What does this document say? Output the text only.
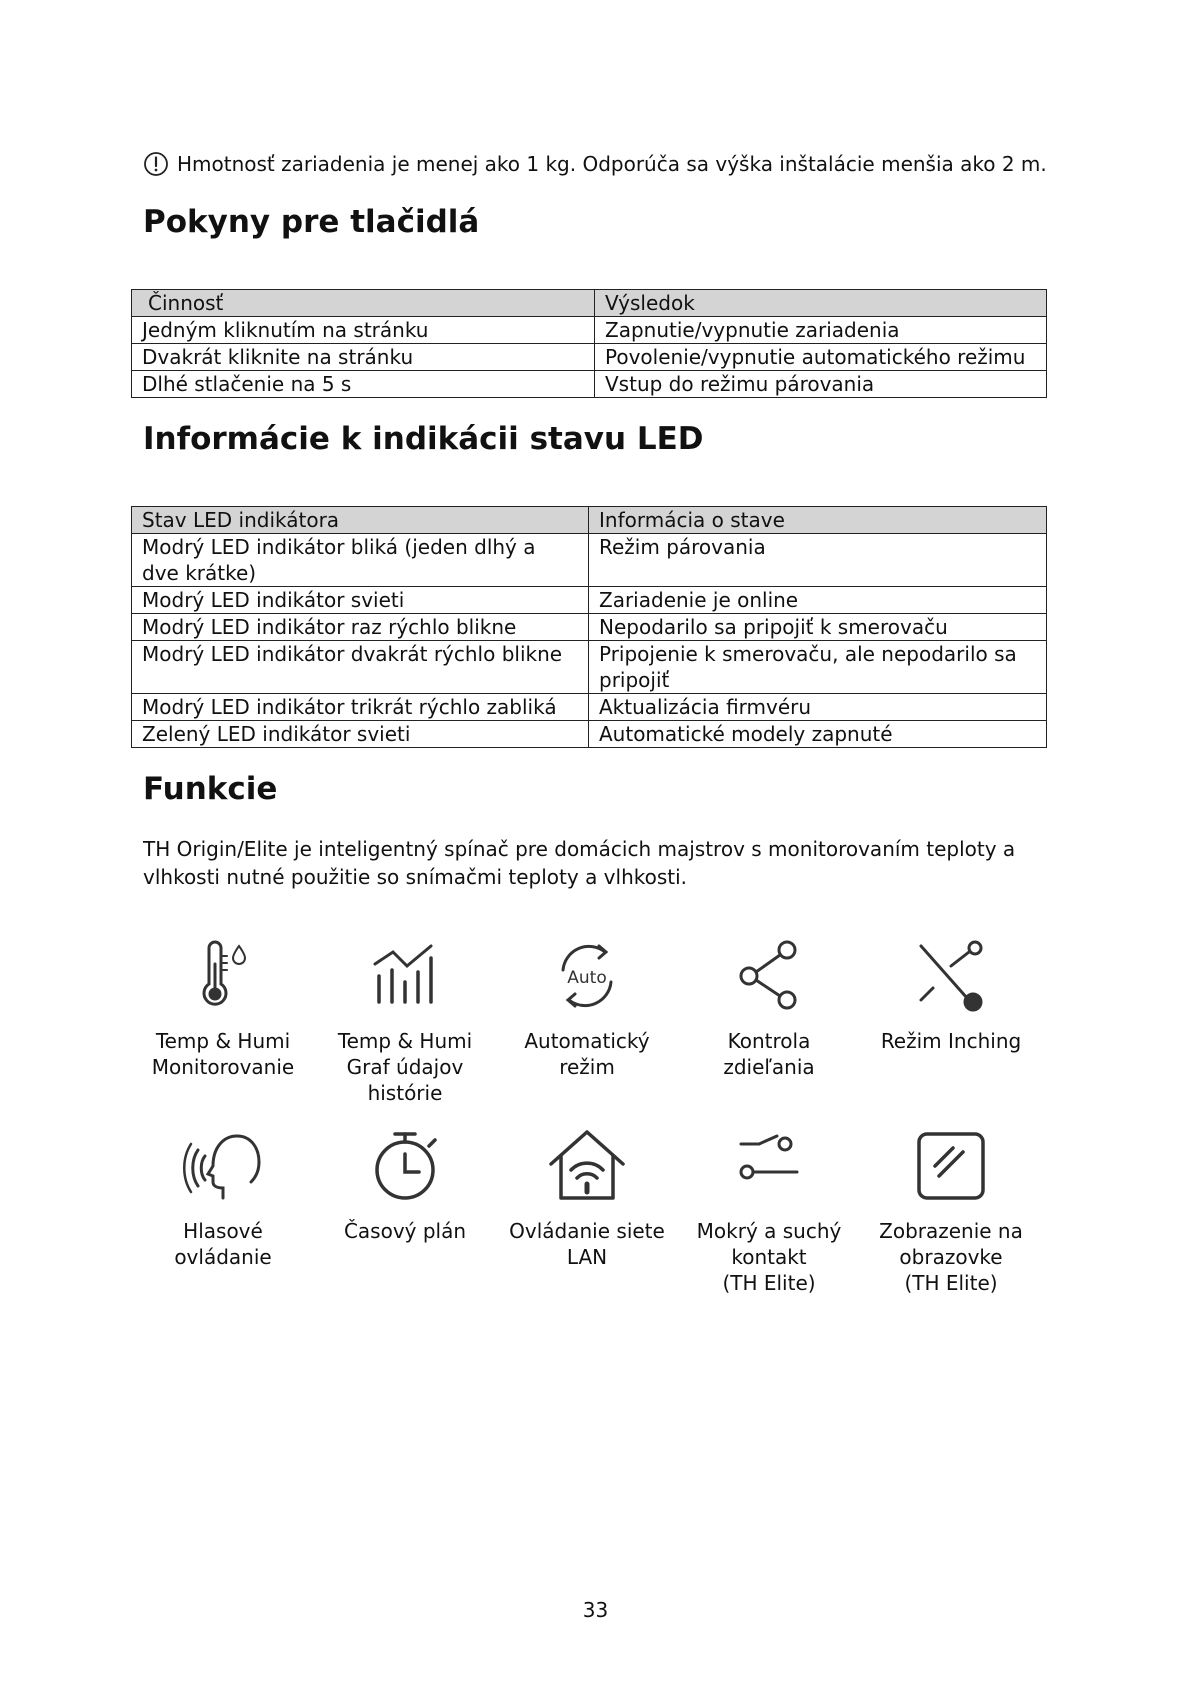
Hmotnosť zariadenia je menej ako 1 kg. Odporúča sa výška inštalácie menšia ako 2 m.
Pokyny pre tlačidlá
Činnosť	Výsledok
Jedným kliknutím na stránku	Zapnutie/vypnutie zariadenia
Dvakrát kliknite na stránku	Povolenie/vypnutie automatického režimu
Dlhé stlačenie na 5 s	Vstup do režimu párovania
Informácie k indikácii stavu LED
Stav LED indikátora	Informácia o stave
Modrý LED indikátor bliká (jeden dlhý a dve krátke)	Režim párovania
Modrý LED indikátor svieti	Zariadenie je online
Modrý LED indikátor raz rýchlo blikne	Nepodarilo sa pripojiť k smerovaču
Modrý LED indikátor dvakrát rýchlo blikne	Pripojenie k smerovaču, ale nepodarilo sa pripojiť
Modrý LED indikátor trikrát rýchlo zabliká	Aktualizácia firmvéru
Zelený LED indikátor svieti	Automatické modely zapnuté
Funkcie

TH Origin/Elite je inteligentný spínač pre domácich majstrov s monitorovaním teploty a vlhkosti nutné použitie so snímačmi teploty a vlhkosti.

Temp & Humi
Monitorovanie
Temp & Humi
Graf údajov
histórie
Auto
Automatický
režim
Kontrola
zdieľania
Režim Inching
Hlasové
ovládanie
Časový plán	Ovládanie siete
LAN
Mokrý a suchý
kontakt
(TH Elite)
Zobrazenie na
obrazovke
(TH Elite)
33
